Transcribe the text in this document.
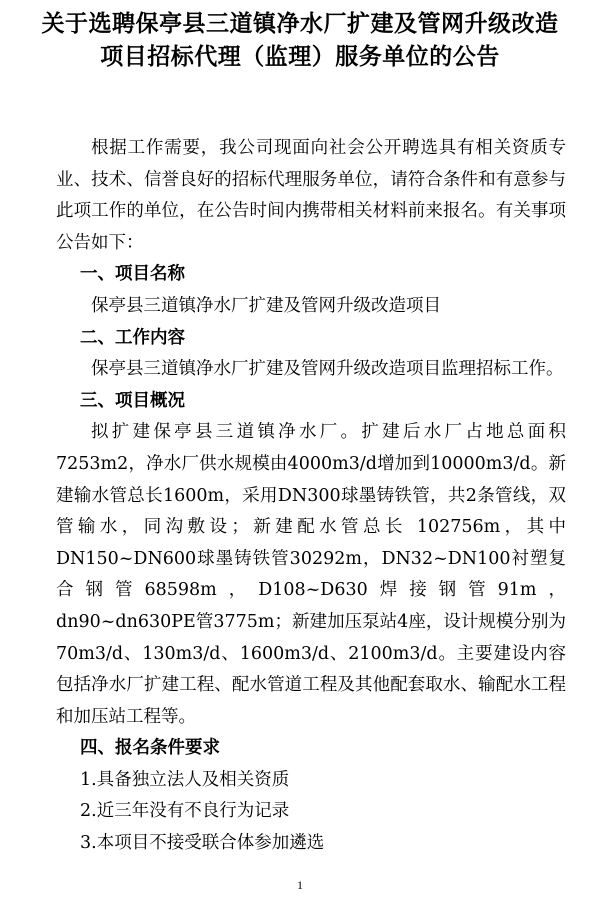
关于选聘保亭县三道镇净水厂扩建及管网升级改造项目招标代理（监理）服务单位的公告

根据工作需要，我公司现面向社会公开聘选具有相关资质专业、技术、信誉良好的招标代理服务单位，请符合条件和有意参与此项工作的单位，在公告时间内携带相关材料前来报名。有关事项公告如下：

一、项目名称

保亭县三道镇净水厂扩建及管网升级改造项目

二、工作内容

保亭县三道镇净水厂扩建及管网升级改造项目监理招标工作。

三、项目概况

拟扩建保亭县三道镇净水厂。扩建后水厂占地总面积7253m2，净水厂供水规模由4000m3/d增加到10000m3/d。新建输水管总长1600m，采用DN300球墨铸铁管，共2条管线，双管输水，同沟敷设；新建配水管总长 102756m，其中DN150~DN600球墨铸铁管30292m，DN32~DN100衬塑复合钢管68598m，D108~D630焊接钢管91m，dn90~dn630PE管3775m；新建加压泵站4座，设计规模分别为70m3/d、130m3/d、1600m3/d、2100m3/d。主要建设内容包括净水厂扩建工程、配水管道工程及其他配套取水、输配水工程和加压站工程等。

四、报名条件要求

1.具备独立法人及相关资质

2.近三年没有不良行为记录

3.本项目不接受联合体参加遴选

1
